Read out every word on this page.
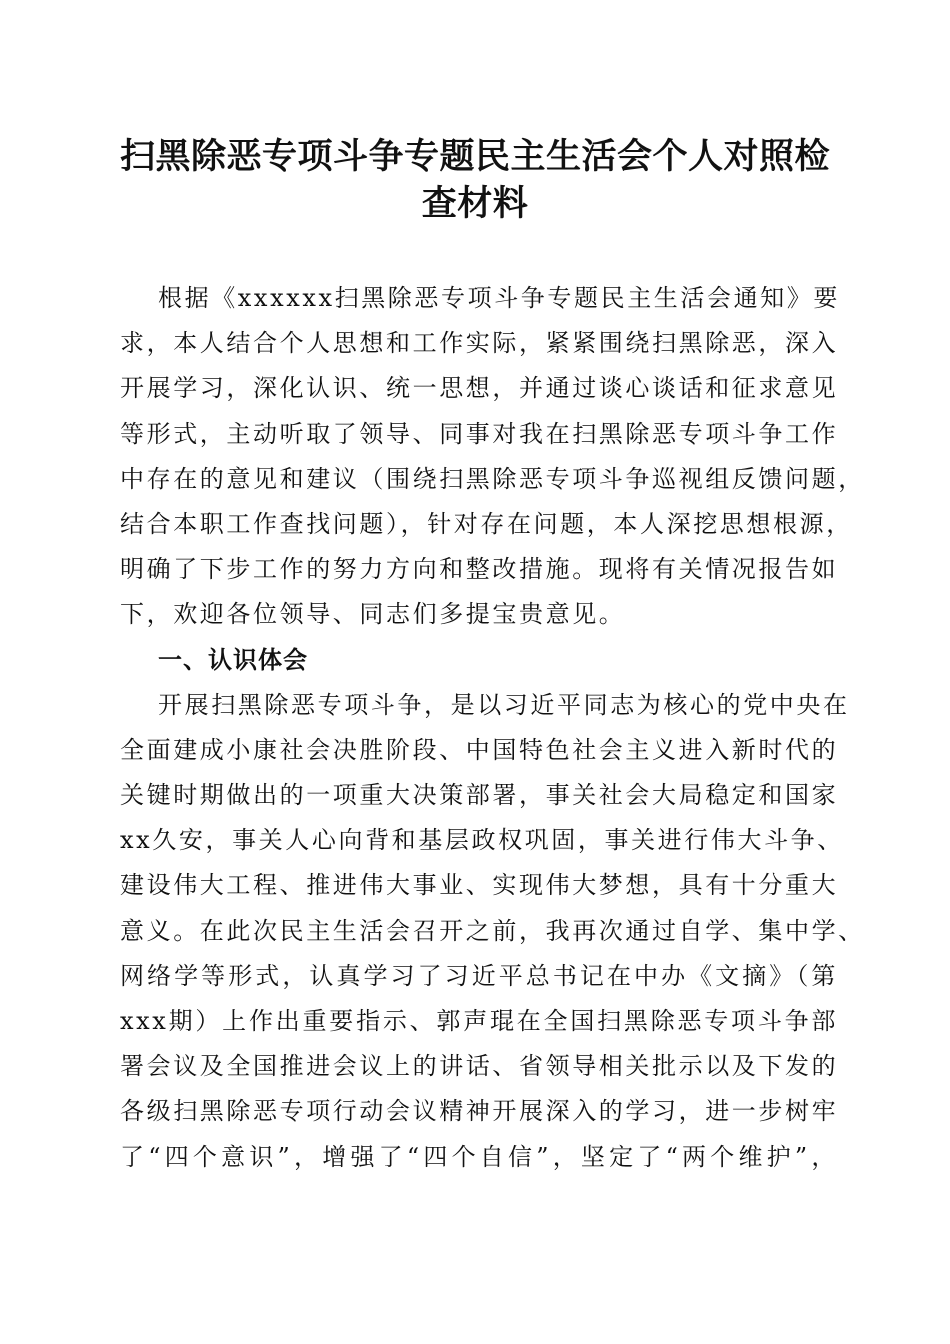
扫黑除恶专项斗争专题民主生活会个人对照检
查材料
根据《xxxxxx扫黑除恶专项斗争专题民主生活会通知》要
求，本人结合个人思想和工作实际，紧紧围绕扫黑除恶，深入
开展学习，深化认识、统一思想，并通过谈心谈话和征求意见
等形式，主动听取了领导、同事对我在扫黑除恶专项斗争工作
中存在的意见和建议（围绕扫黑除恶专项斗争巡视组反馈问题，
结合本职工作查找问题），针对存在问题，本人深挖思想根源，
明确了下步工作的努力方向和整改措施。现将有关情况报告如
下，欢迎各位领导、同志们多提宝贵意见。
一、认识体会
开展扫黑除恶专项斗争，是以习近平同志为核心的党中央在
全面建成小康社会决胜阶段、中国特色社会主义进入新时代的
关键时期做出的一项重大决策部署，事关社会大局稳定和国家
xx久安，事关人心向背和基层政权巩固，事关进行伟大斗争、
建设伟大工程、推进伟大事业、实现伟大梦想，具有十分重大
意义。在此次民主生活会召开之前，我再次通过自学、集中学、
网络学等形式，认真学习了习近平总书记在中办《文摘》（第
xxx期）上作出重要指示、郭声琨在全国扫黑除恶专项斗争部
署会议及全国推进会议上的讲话、省领导相关批示以及下发的
各级扫黑除恶专项行动会议精神开展深入的学习，进一步树牢
了“四个意识”，增强了“四个自信”，坚定了“两个维护”，
